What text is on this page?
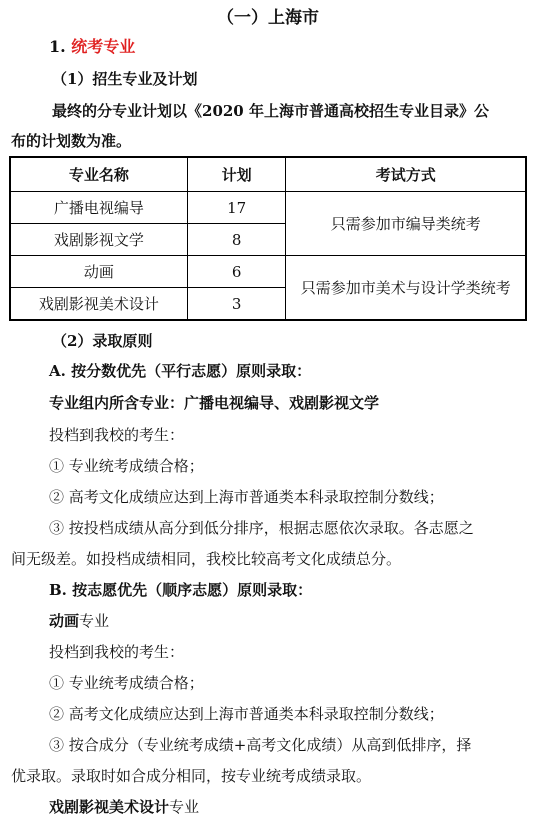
（一）上海市
1. 统考专业
（1）招生专业及计划
最终的分专业计划以《2020 年上海市普通高校招生专业目录》公
布的计划数为准。
专业名称	计划	考试方式
广播电视编导	17	只需参加市编导类统考
戏剧影视文学	8	
动画	6	只需参加市美术与设计学类统考
戏剧影视美术设计	3	
（2）录取原则
A. 按分数优先（平行志愿）原则录取：
专业组内所含专业：广播电视编导、戏剧影视文学
投档到我校的考生：
① 专业统考成绩合格；
② 高考文化成绩应达到上海市普通类本科录取控制分数线；
③ 按投档成绩从高分到低分排序，根据志愿依次录取。各志愿之
间无级差。如投档成绩相同，我校比较高考文化成绩总分。
B. 按志愿优先（顺序志愿）原则录取：
动画专业
投档到我校的考生：
① 专业统考成绩合格；
② 高考文化成绩应达到上海市普通类本科录取控制分数线；
③ 按合成分（专业统考成绩+高考文化成绩）从高到低排序，择
优录取。录取时如合成分相同，按专业统考成绩录取。
戏剧影视美术设计专业
